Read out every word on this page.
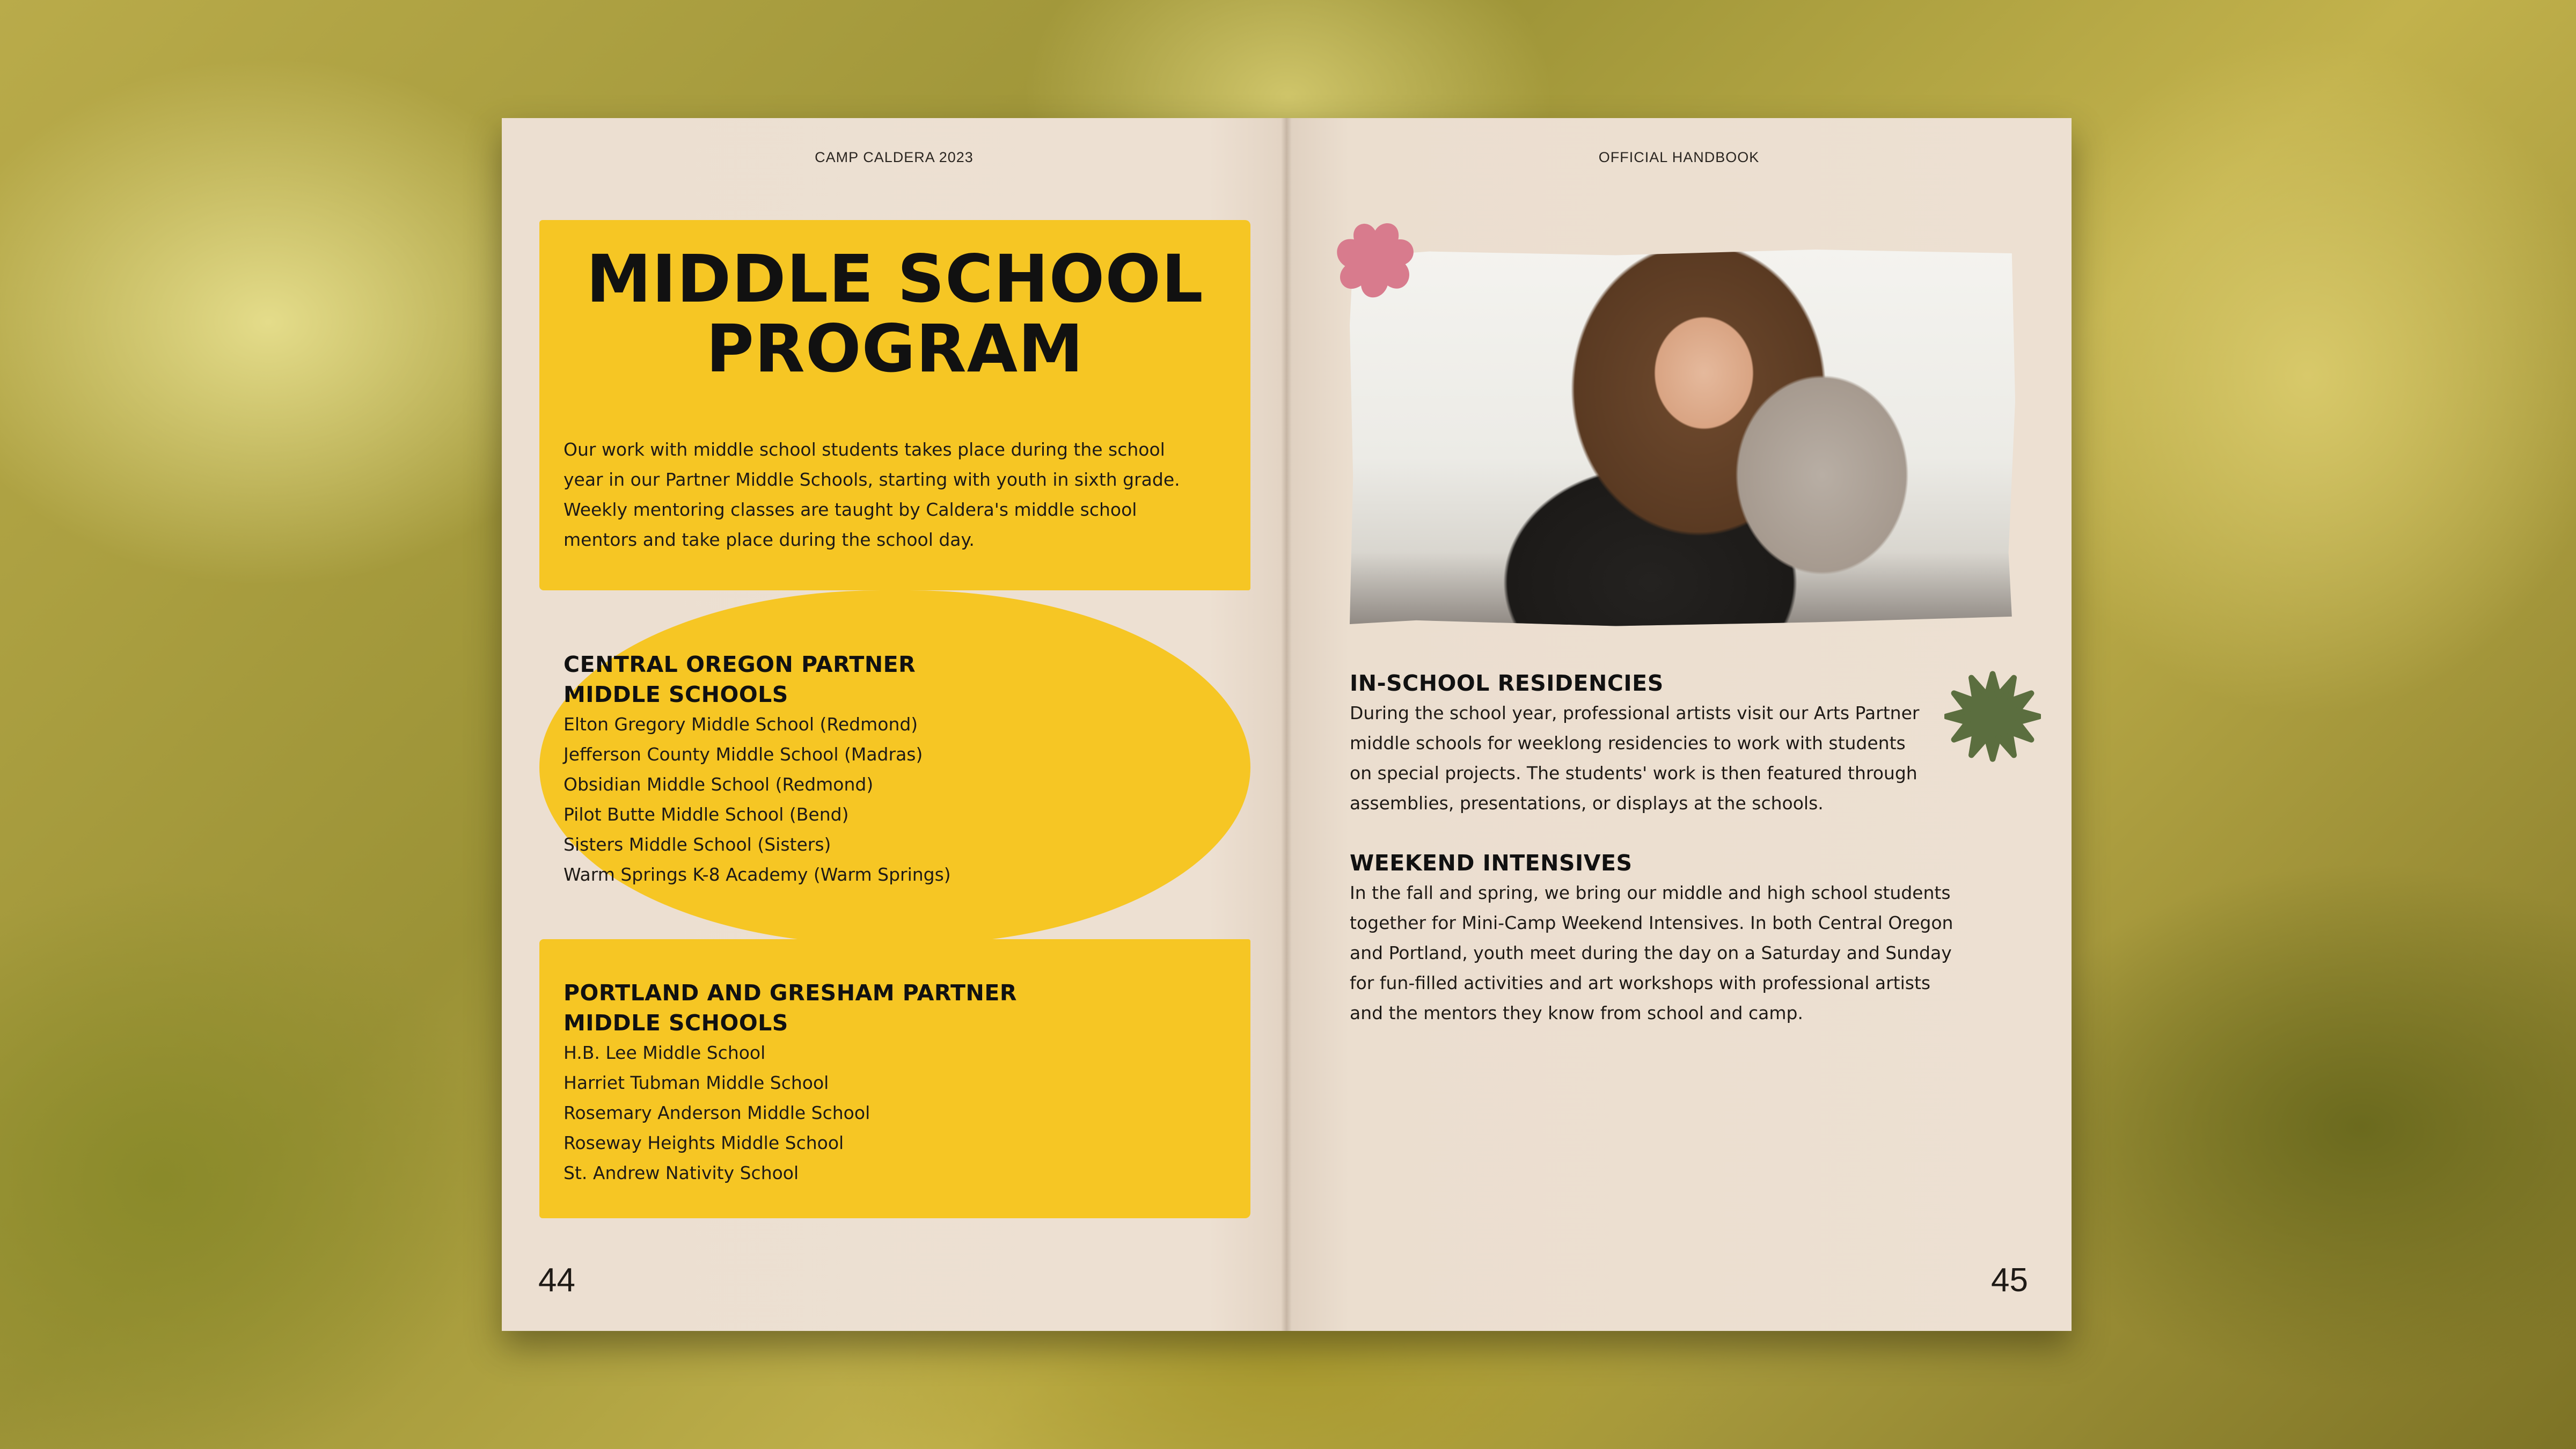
CAMP CALDERA 2023
MIDDLE SCHOOL
PROGRAM
Our work with middle school students takes place during the school
year in our Partner Middle Schools, starting with youth in sixth grade.
Weekly mentoring classes are taught by Caldera's middle school
mentors and take place during the school day.
CENTRAL OREGON PARTNER
MIDDLE SCHOOLS
Elton Gregory Middle School (Redmond)
Jefferson County Middle School (Madras)
Obsidian Middle School (Redmond)
Pilot Butte Middle School (Bend)
Sisters Middle School (Sisters)
Warm Springs K-8 Academy (Warm Springs)
PORTLAND AND GRESHAM PARTNER
MIDDLE SCHOOLS
H.B. Lee Middle School
Harriet Tubman Middle School
Rosemary Anderson Middle School
Roseway Heights Middle School
St. Andrew Nativity School
44
OFFICIAL HANDBOOK
IN-SCHOOL RESIDENCIES

During the school year, professional artists visit our Arts Partner

middle schools for weeklong residencies to work with students

on special projects. The students' work is then featured through

assemblies, presentations, or displays at the schools.

WEEKEND INTENSIVES

In the fall and spring, we bring our middle and high school students

together for Mini-Camp Weekend Intensives. In both Central Oregon

and Portland, youth meet during the day on a Saturday and Sunday

for fun-filled activities and art workshops with professional artists

and the mentors they know from school and camp.

45
